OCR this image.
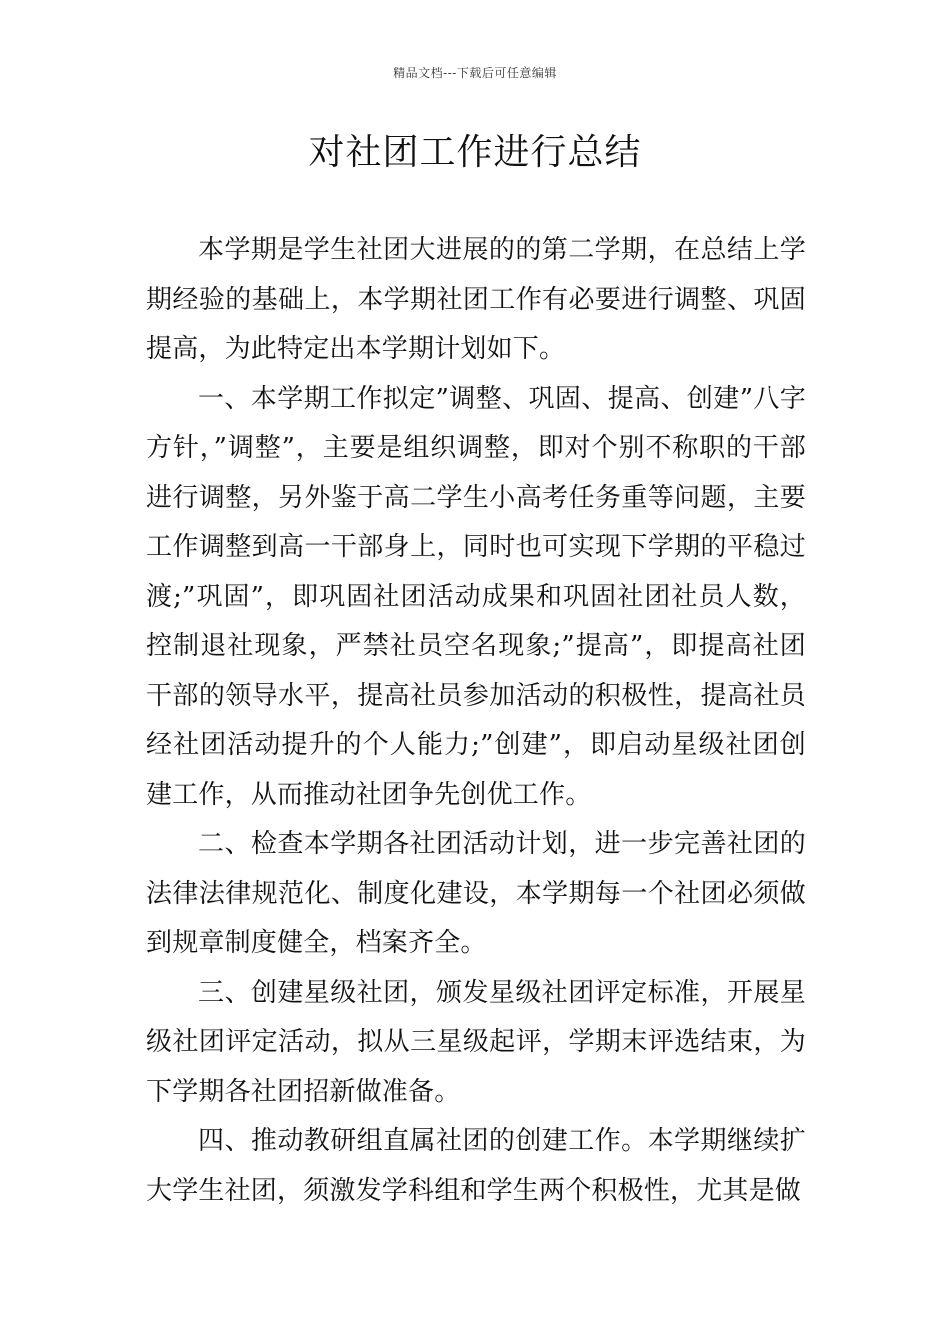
精品文档---下载后可任意编辑
对社团工作进行总结

本学期是学生社团大进展的的第二学期，在总结上学期经验的基础上，本学期社团工作有必要进行调整、巩固提高，为此特定出本学期计划如下。

一、本学期工作拟定”调整、巩固、提高、创建”八字方针，”调整”，主要是组织调整，即对个别不称职的干部进行调整，另外鉴于高二学生小高考任务重等问题，主要工作调整到高一干部身上，同时也可实现下学期的平稳过渡;”巩固”，即巩固社团活动成果和巩固社团社员人数，控制退社现象，严禁社员空名现象;”提高”，即提高社团干部的领导水平，提高社员参加活动的积极性，提高社员经社团活动提升的个人能力;”创建”，即启动星级社团创建工作，从而推动社团争先创优工作。

二、检查本学期各社团活动计划，进一步完善社团的法律法律规范化、制度化建设，本学期每一个社团必须做到规章制度健全，档案齐全。

三、创建星级社团，颁发星级社团评定标准，开展星级社团评定活动，拟从三星级起评，学期末评选结束，为下学期各社团招新做准备。

四、推动教研组直属社团的创建工作。本学期继续扩大学生社团，须激发学科组和学生两个积极性，尤其是做
